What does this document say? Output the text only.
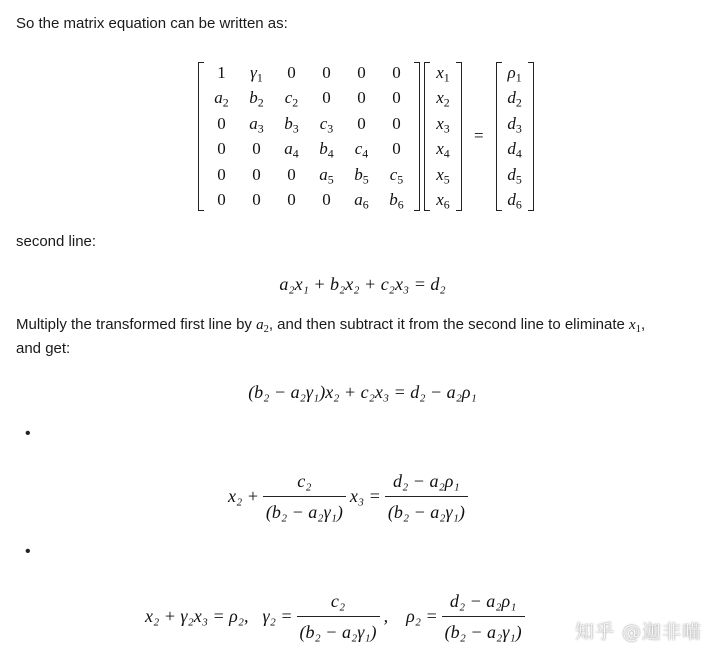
So the matrix equation can be written as:
1	$\gamma_1$	0	0	0	0
$a_2$	$b_2$	$c_2$	0	0	0
0	$a_3$	$b_3$	$c_3$	0	0
0	0	$a_4$	$b_4$	$c_4$	0
0	0	0	$a_5$	$b_5$	$c_5$
0	0	0	0	$a_6$	$b_6$
$x_1$
$x_2$
$x_3$
$x_4$
$x_5$
$x_6$
=
$\rho_1$
$d_2$
$d_3$
$d_4$
$d_5$
$d_6$
second line:
a₂x₁ + b₂x₂ + c₂x₃ = d₂
Multiply the transformed first line by $a_2$, and then subtract it from the second line to eliminate $x_1$,
and get:
(b₂ − a₂γ₁)x₂ + c₂x₃ = d₂ − a₂ρ₁
•
$x_2 + \frac{\text{c₂}}{\text{(b₂ − a₂γ₁)}} x_3 = \frac{\text{d₂ − a₂ρ₁}}{\text{(b₂ − a₂γ₁)}}$
•
x₂ + γ₂x₃ = ρ₂, $\gamma_2 = \frac{\text{c₂}}{\text{(b₂ − a₂γ₁)}}$ , $\rho_2 = \frac{\text{d₂ − a₂ρ₁}}{\text{(b₂ − a₂γ₁)}}$	知乎 @迦非喵
